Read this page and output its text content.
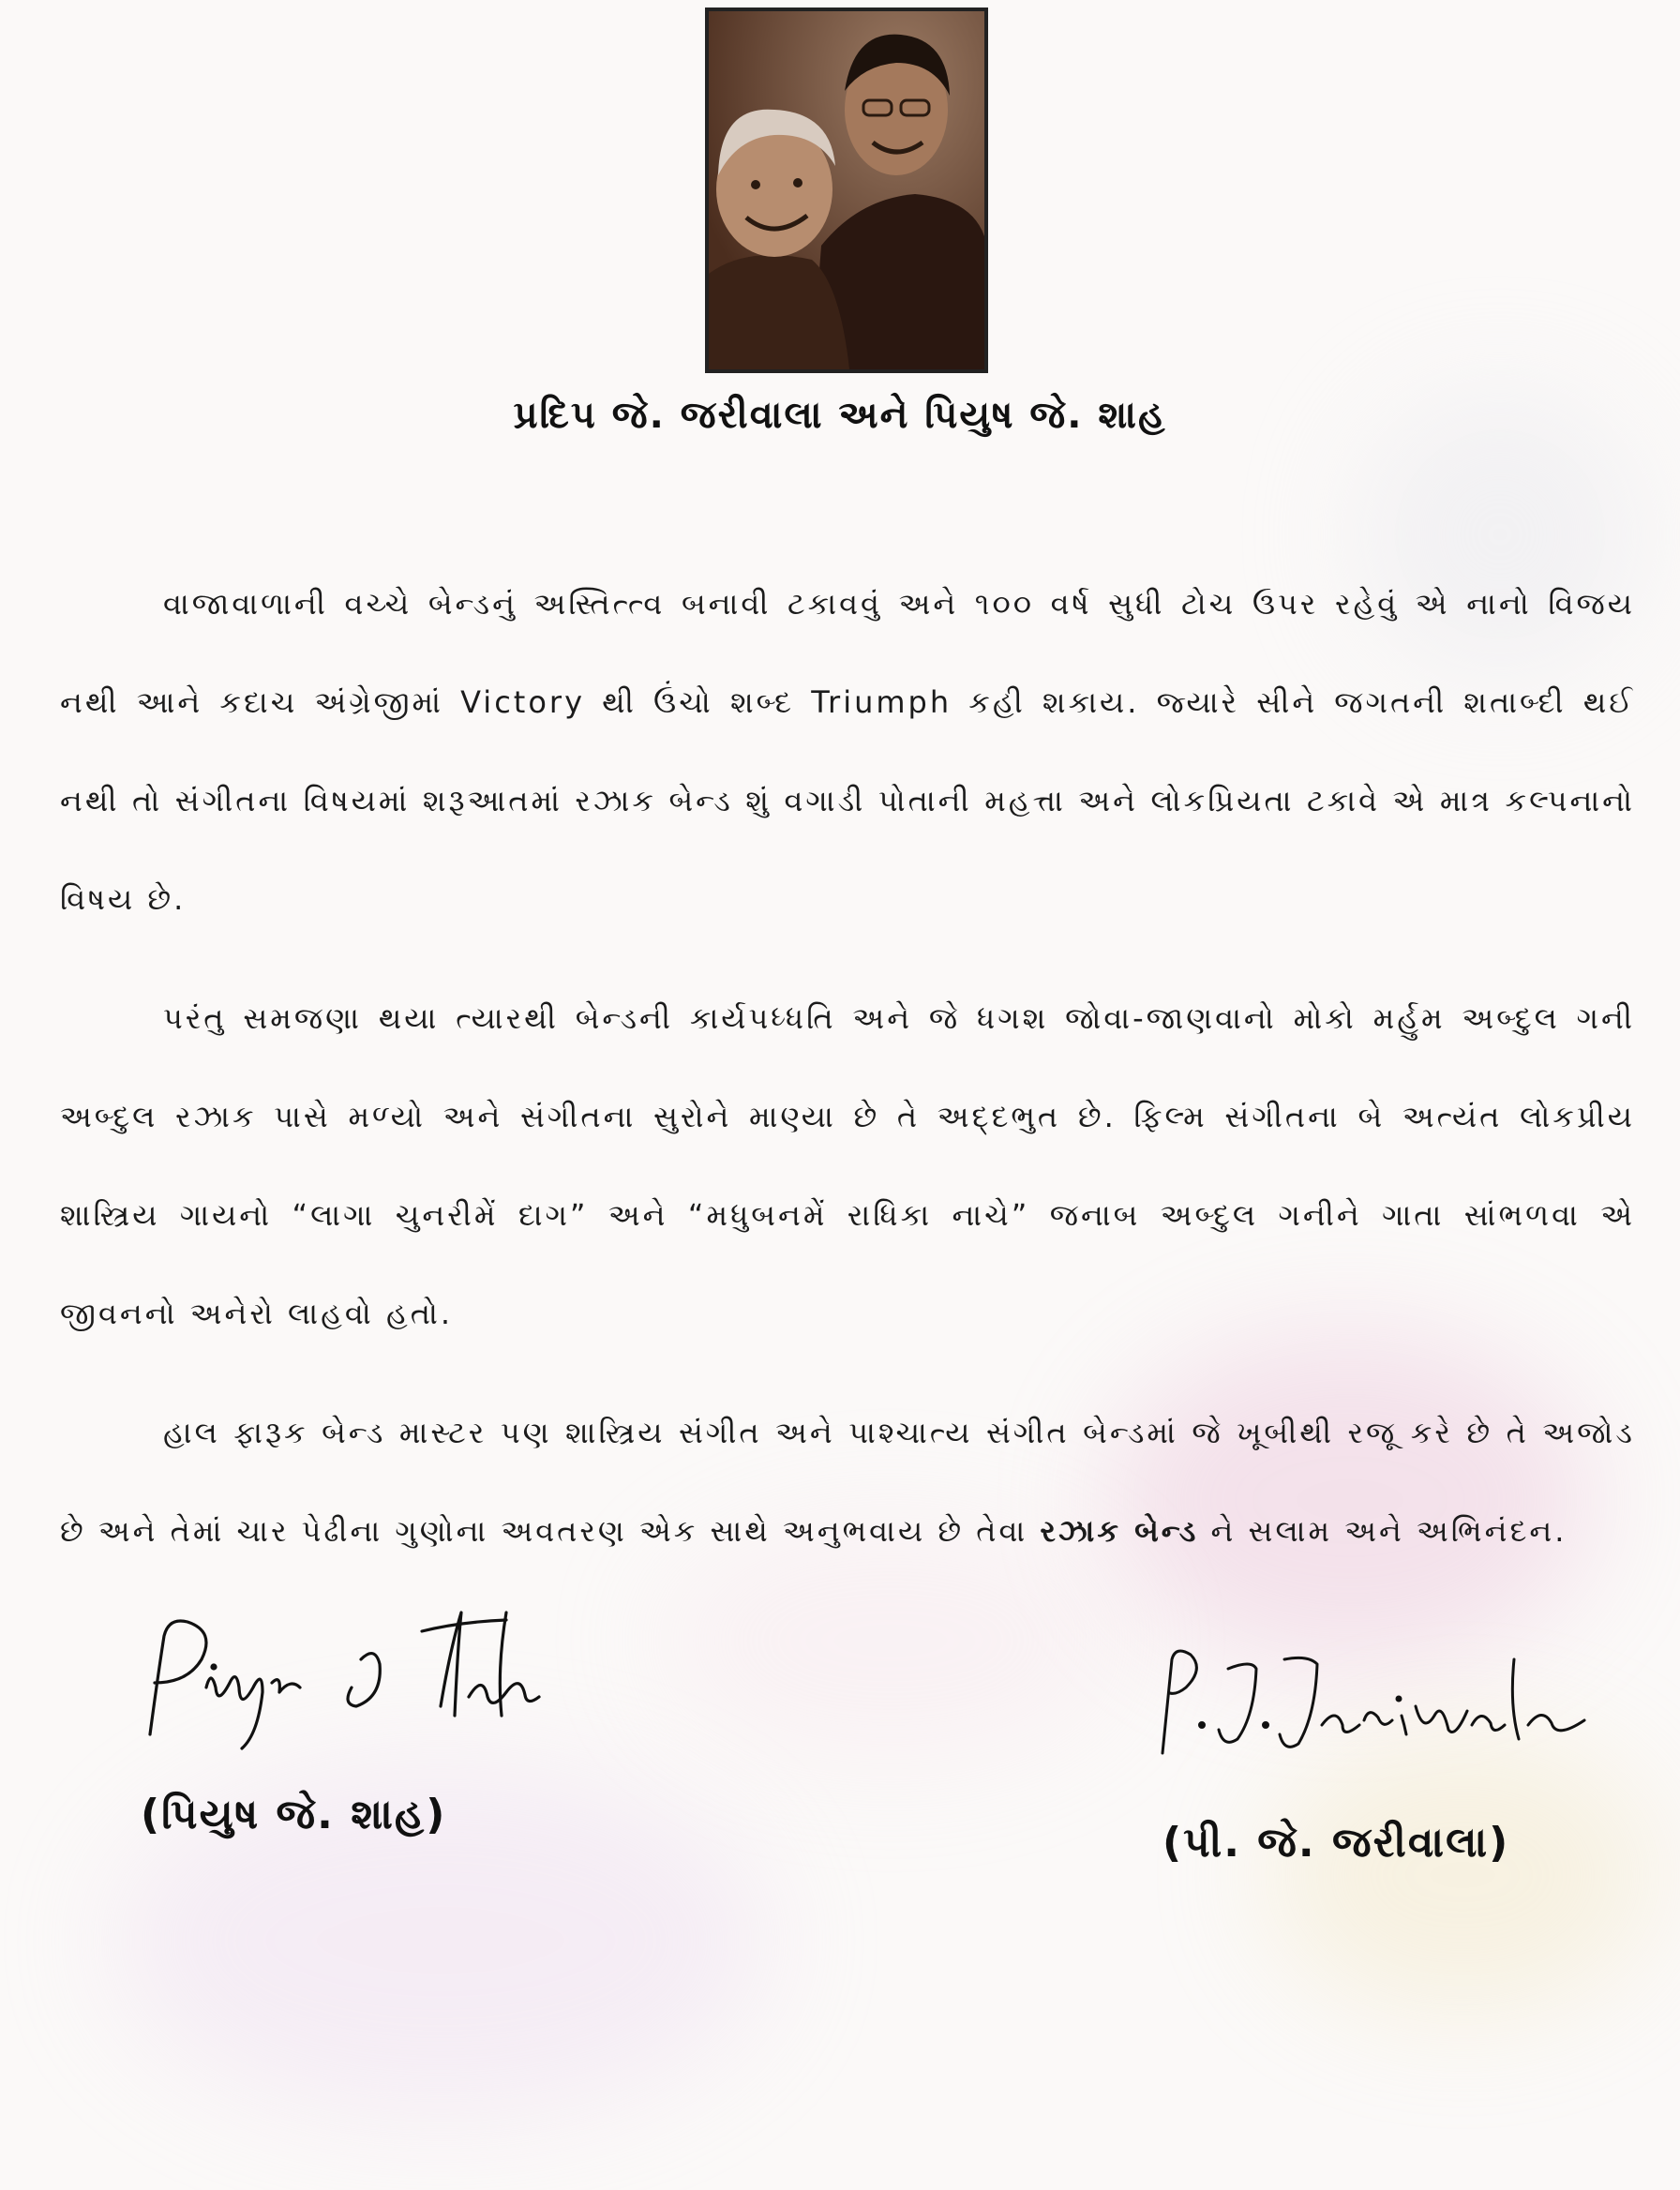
પ્રદિપ જે. જરીવાલા અને પિયુષ જે. શાહ

વાજાવાળાની વચ્ચે બેન્ડનું અસ્તિત્ત્વ બનાવી ટકાવવું અને ૧૦૦ વર્ષ સુધી ટોચ ઉપર રહેવું એ નાનો વિજય નથી આને કદાચ અંગ્રેજીમાં Victory થી ઉંચો શબ્દ Triumph કહી શકાય. જ્યારે સીને જગતની શતાબ્દી થઈ નથી તો સંગીતના વિષયમાં શરૂઆતમાં રઝાક બેન્ડ શું વગાડી પોતાની મહત્તા અને લોકપ્રિયતા ટકાવે એ માત્ર કલ્પનાનો વિષય છે.

પરંતુ સમજણા થયા ત્યારથી બેન્ડની કાર્યપધ્ધતિ અને જે ધગશ જોવા-જાણવાનો મોકો મર્હુમ અબ્દુલ ગની અબ્દુલ રઝાક પાસે મળ્યો અને સંગીતના સુરોને માણ્યા છે તે અદ્દભુત છે. ફિલ્મ સંગીતના બે અત્યંત લોકપ્રીય શાસ્ત્રિય ગાયનો “લાગા ચુનરીમેં દાગ” અને “મધુબનમેં રાધિકા નાચે” જનાબ અબ્દુલ ગનીને ગાતા સાંભળવા એ જીવનનો અનેરો લાહવો હતો.

હાલ ફારૂક બેન્ડ માસ્ટર પણ શાસ્ત્રિય સંગીત અને પાશ્ચાત્ય સંગીત બેન્ડમાં જે ખૂબીથી રજૂ કરે છે તે અજોડ છે અને તેમાં ચાર પેઢીના ગુણોના અવતરણ એક સાથે અનુભવાય છે તેવા રઝાક બેન્ડ ને સલામ અને અભિનંદન.

(પિયુષ જે. શાહ)
(પી. જે. જરીવાલા)
